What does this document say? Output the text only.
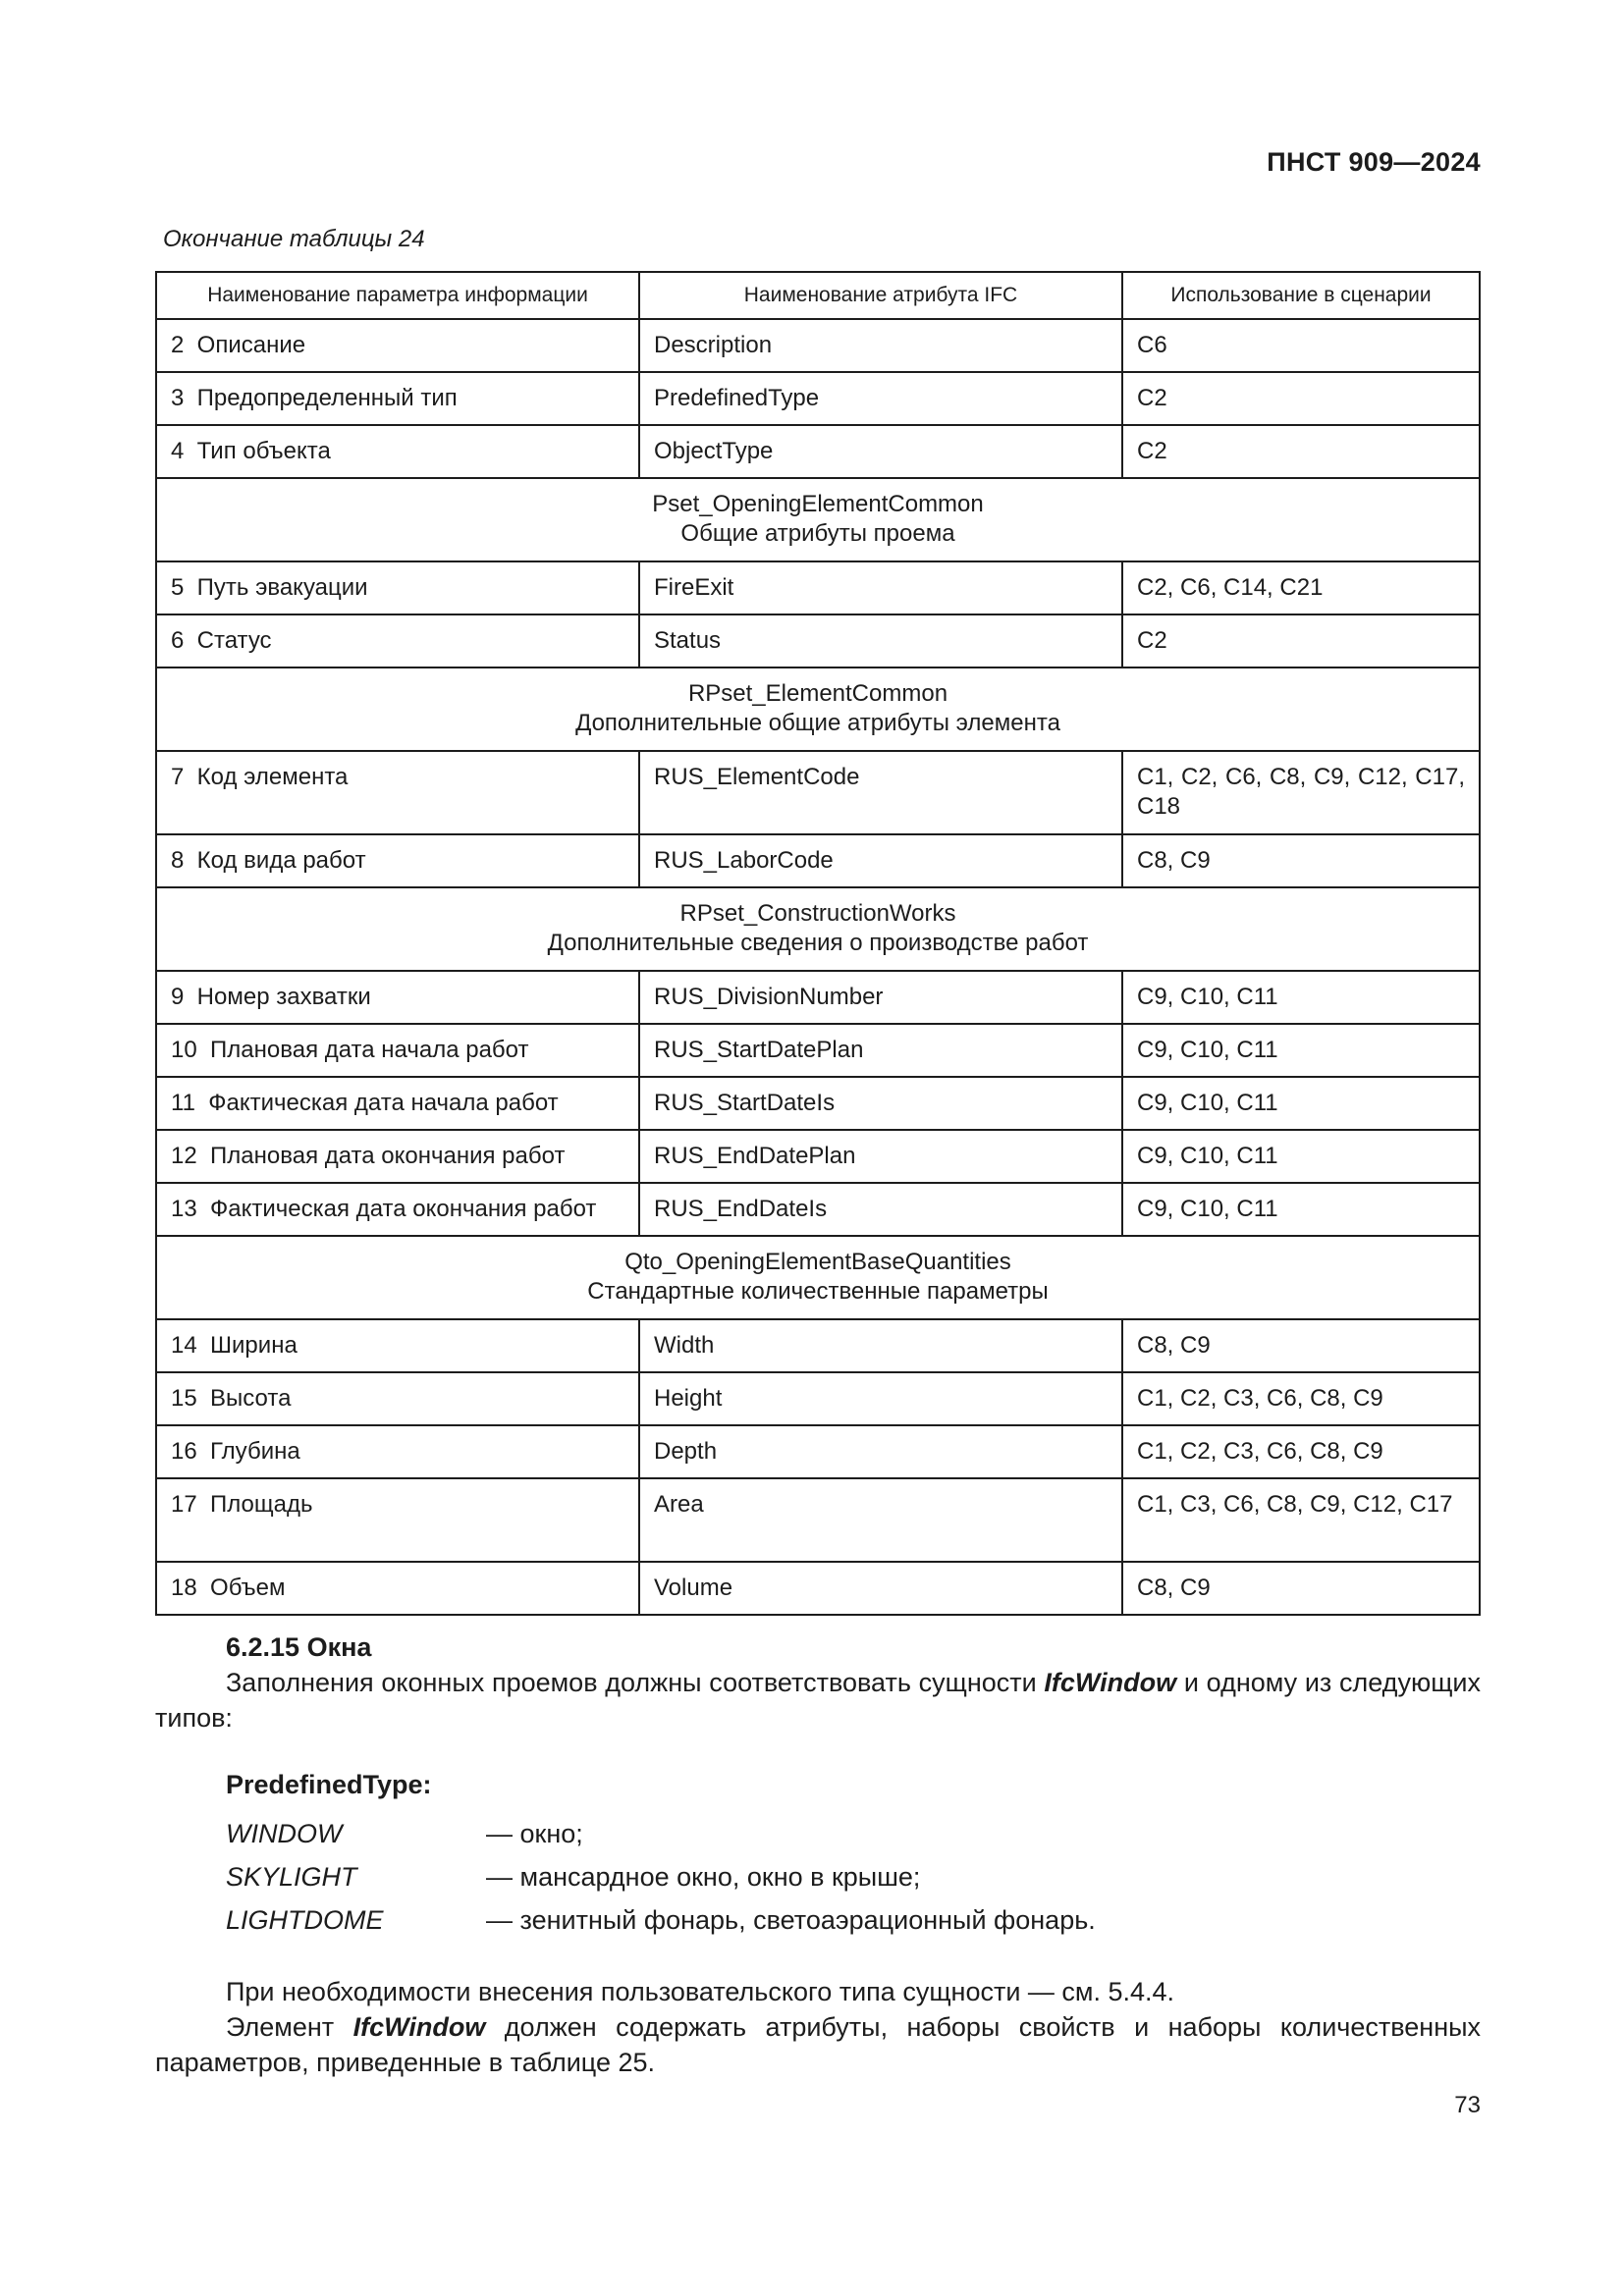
ПНСТ 909—2024
Окончание таблицы 24
Наименование параметра информации	Наименование атрибута IFC	Использование в сценарии
2  Описание	Description	С6
3  Предопределенный тип	PredefinedType	С2
4  Тип объекта	ObjectType	С2

Pset_OpeningElementCommon
Общие атрибуты проема		

5  Путь эвакуации	FireExit	С2, С6, С14, С21
6  Статус	Status	С2

RPset_ElementCommon
Дополнительные общие атрибуты элемента		

7  Код элемента	RUS_ElementCode	С1, С2, С6, С8, С9, С12, С17, С18
8  Код вида работ	RUS_LaborCode	С8, С9

RPset_ConstructionWorks
Дополнительные сведения о производстве работ		

9  Номер захватки	RUS_DivisionNumber	С9, С10, С11
10  Плановая дата начала работ	RUS_StartDatePlan	С9, С10, С11
11  Фактическая дата начала работ	RUS_StartDateIs	С9, С10, С11
12  Плановая дата окончания работ	RUS_EndDatePlan	С9, С10, С11
13  Фактическая дата окончания работ	RUS_EndDateIs	С9, С10, С11

Qto_OpeningElementBaseQuantities
Стандартные количественные параметры		

14  Ширина	Width	С8, С9
15  Высота	Height	С1, С2, С3, С6, С8, С9
16  Глубина	Depth	С1, С2, С3, С6, С8, С9
17  Площадь	Area	С1, С3, С6, С8, С9, С12, С17
18  Объем	Volume	С8, С9
6.2.15 Окна
Заполнения оконных проемов должны соответствовать сущности IfcWindow и одному из следующих типов:
PredefinedType:
WINDOW	— окно;
SKYLIGHT	— мансардное окно, окно в крыше;
LIGHTDOME	— зенитный фонарь, светоаэрационный фонарь.
При необходимости внесения пользовательского типа сущности — см. 5.4.4.
Элемент IfcWindow должен содержать атрибуты, наборы свойств и наборы количественных параметров, приведенные в таблице 25.
73
